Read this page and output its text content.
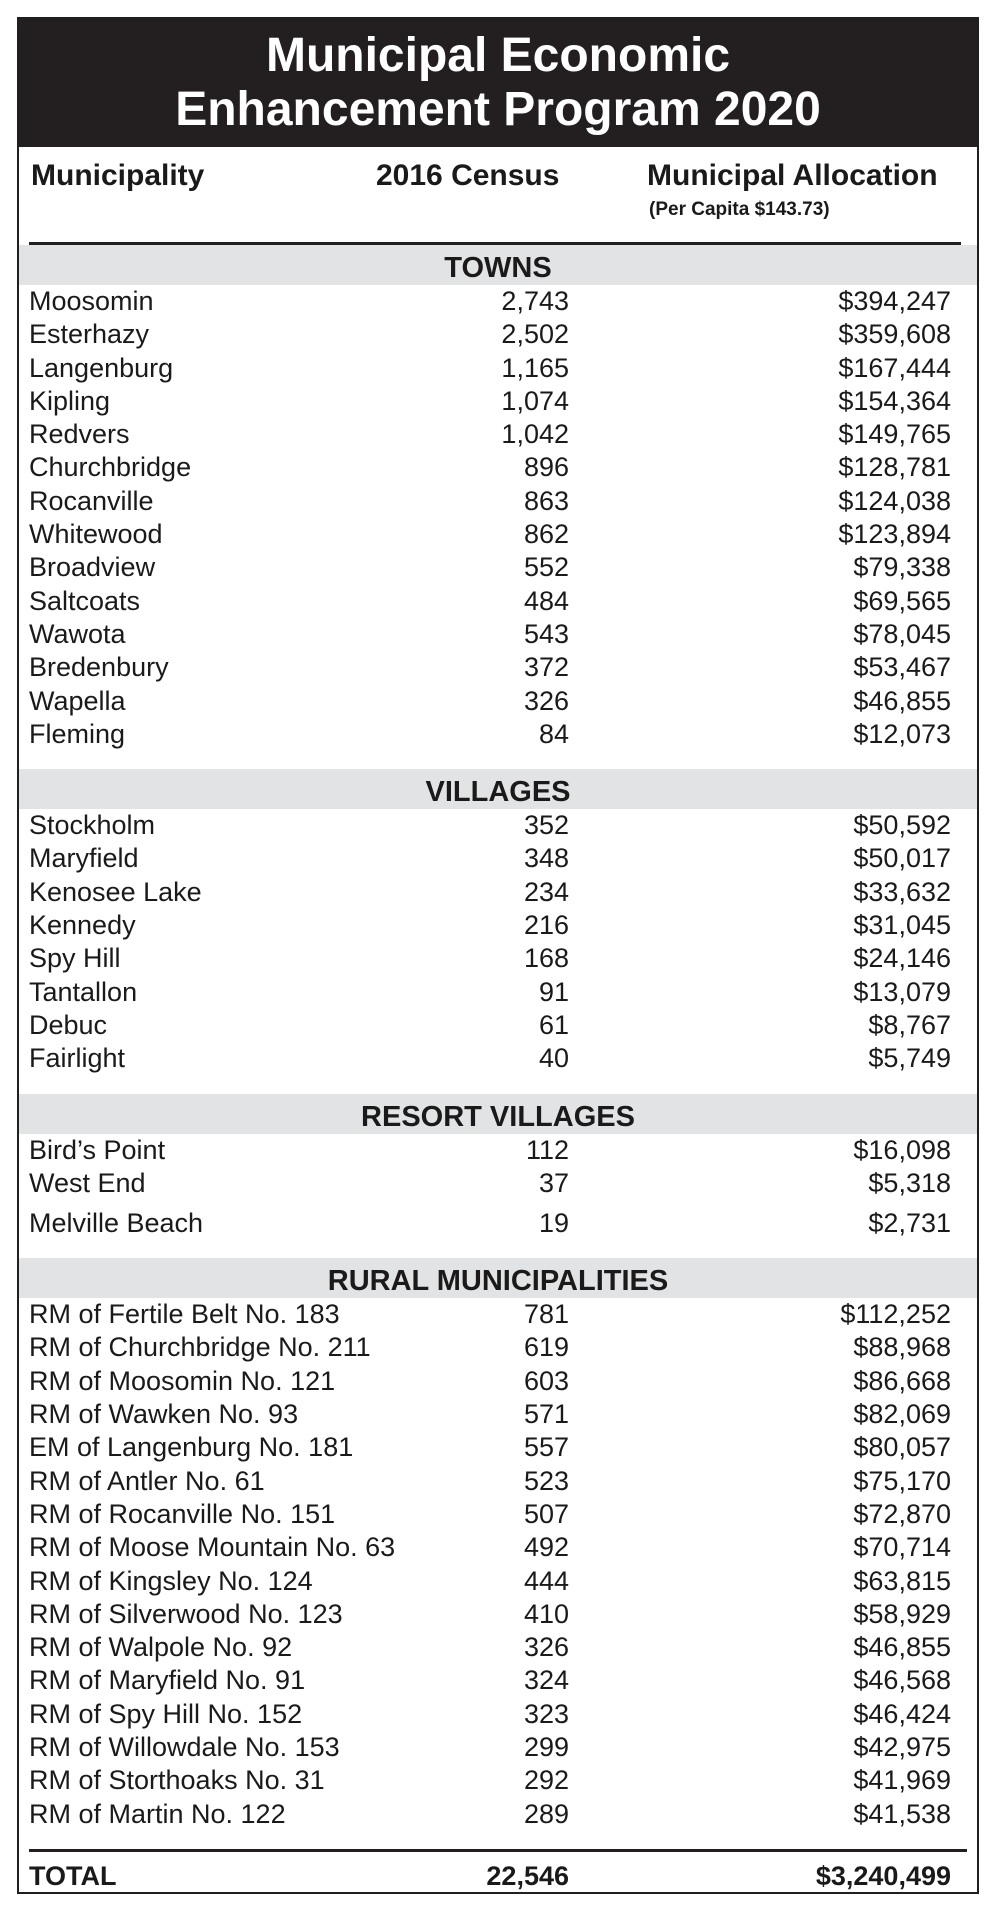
Municipal Economic
Enhancement Program 2020
Municipality	2016 Census	Municipal Allocation
(Per Capita $143.73)
TOWNS
Moosomin	2,743	$394,247
Esterhazy	2,502	$359,608
Langenburg	1,165	$167,444
Kipling	1,074	$154,364
Redvers	1,042	$149,765
Churchbridge	896	$128,781
Rocanville	863	$124,038
Whitewood	862	$123,894
Broadview	552	$79,338
Saltcoats	484	$69,565
Wawota	543	$78,045
Bredenbury	372	$53,467
Wapella	326	$46,855
Fleming	84	$12,073
VILLAGES
Stockholm	352	$50,592
Maryfield	348	$50,017
Kenosee Lake	234	$33,632
Kennedy	216	$31,045
Spy Hill	168	$24,146
Tantallon	91	$13,079
Debuc	61	$8,767
Fairlight	40	$5,749
RESORT VILLAGES
Bird’s Point	112	$16,098
West End	37	$5,318
Melville Beach	19	$2,731
RURAL MUNICIPALITIES
RM of Fertile Belt No. 183	781	$112,252
RM of Churchbridge No. 211	619	$88,968
RM of Moosomin No. 121	603	$86,668
RM of Wawken No. 93	571	$82,069
EM of Langenburg No. 181	557	$80,057
RM of Antler No. 61	523	$75,170
RM of Rocanville No. 151	507	$72,870
RM of Moose Mountain No. 63	492	$70,714
RM of Kingsley No. 124	444	$63,815
RM of Silverwood No. 123	410	$58,929
RM of Walpole No. 92	326	$46,855
RM of Maryfield No. 91	324	$46,568
RM of Spy Hill No. 152	323	$46,424
RM of Willowdale No. 153	299	$42,975
RM of Storthoaks No. 31	292	$41,969
RM of Martin No. 122	289	$41,538
TOTAL	22,546	$3,240,499
